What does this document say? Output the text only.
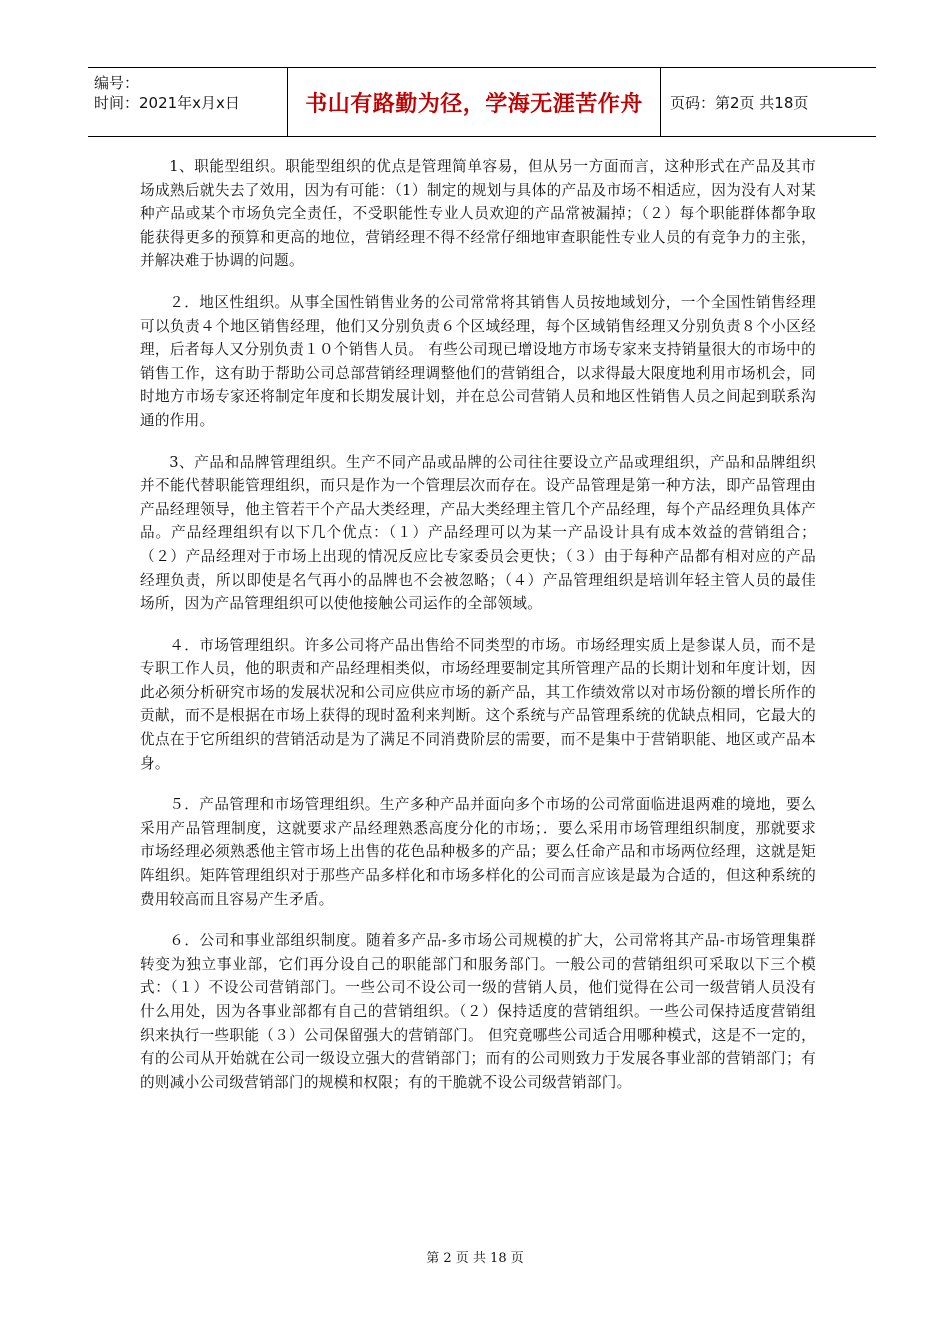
编号：
时间：2021年x月x日	书山有路勤为径，学海无涯苦作舟 页码：第2页 共18页

1、职能型组织。职能型组织的优点是管理简单容易，但从另一方面而言，这种形式在产品及其市场成熟后就失去了效用，因为有可能：（1）制定的规划与具体的产品及市场不相适应，因为没有人对某种产品或某个市场负完全责任，不受职能性专业人员欢迎的产品常被漏掉；（２）每个职能群体都争取能获得更多的预算和更高的地位，营销经理不得不经常仔细地审查职能性专业人员的有竞争力的主张，并解决难于协调的问题。

２．地区性组织。从事全国性销售业务的公司常常将其销售人员按地域划分，一个全国性销售经理可以负责４个地区销售经理，他们又分别负责６个区域经理，每个区域销售经理又分别负责８个小区经理，后者每人又分别负责１０个销售人员。 有些公司现已增设地方市场专家来支持销量很大的市场中的销售工作，这有助于帮助公司总部营销经理调整他们的营销组合，以求得最大限度地利用市场机会，同时地方市场专家还将制定年度和长期发展计划，并在总公司营销人员和地区性销售人员之间起到联系沟通的作用。

3、产品和品牌管理组织。生产不同产品或品牌的公司往往要设立产品或理组织，产品和品牌组织并不能代替职能管理组织，而只是作为一个管理层次而存在。设产品管理是第一种方法，即产品管理由产品经理领导，他主管若干个产品大类经理，产品大类经理主管几个产品经理，每个产品经理负具体产品。产品经理组织有以下几个优点：（１）产品经理可以为某一产品设计具有成本效益的营销组合；（２）产品经理对于市场上出现的情况反应比专家委员会更快；（３）由于每种产品都有相对应的产品经理负责，所以即使是名气再小的品牌也不会被忽略；（４）产品管理组织是培训年轻主管人员的最佳场所，因为产品管理组织可以使他接触公司运作的全部领域。

４．市场管理组织。许多公司将产品出售给不同类型的市场。市场经理实质上是参谋人员，而不是专职工作人员，他的职责和产品经理相类似，市场经理要制定其所管理产品的长期计划和年度计划，因此必须分析研究市场的发展状况和公司应供应市场的新产品，其工作绩效常以对市场份额的增长所作的贡献，而不是根据在市场上获得的现时盈利来判断。这个系统与产品管理系统的优缺点相同，它最大的优点在于它所组织的营销活动是为了满足不同消费阶层的需要，而不是集中于营销职能、地区或产品本身。

５．产品管理和市场管理组织。生产多种产品并面向多个市场的公司常面临进退两难的境地，要么采用产品管理制度，这就要求产品经理熟悉高度分化的市场；．要么采用市场管理组织制度，那就要求市场经理必须熟悉他主管市场上出售的花色品种极多的产品；要么任命产品和市场两位经理，这就是矩阵组织。矩阵管理组织对于那些产品多样化和市场多样化的公司而言应该是最为合适的，但这种系统的费用较高而且容易产生矛盾。

６．公司和事业部组织制度。随着多产品-多市场公司规模的扩大，公司常将其产品-市场管理集群转变为独立事业部，它们再分设自己的职能部门和服务部门。一般公司的营销组织可采取以下三个模式：（１）不设公司营销部门。一些公司不设公司一级的营销人员，他们觉得在公司一级营销人员没有什么用处，因为各事业部都有自己的营销组织。（２）保持适度的营销组织。一些公司保持适度营销组织来执行一些职能（３）公司保留强大的营销部门。 但究竟哪些公司适合用哪种模式，这是不一定的，有的公司从开始就在公司一级设立强大的营销部门；而有的公司则致力于发展各事业部的营销部门；有的则减小公司级营销部门的规模和权限；有的干脆就不设公司级营销部门。

第 2 页 共 18 页
